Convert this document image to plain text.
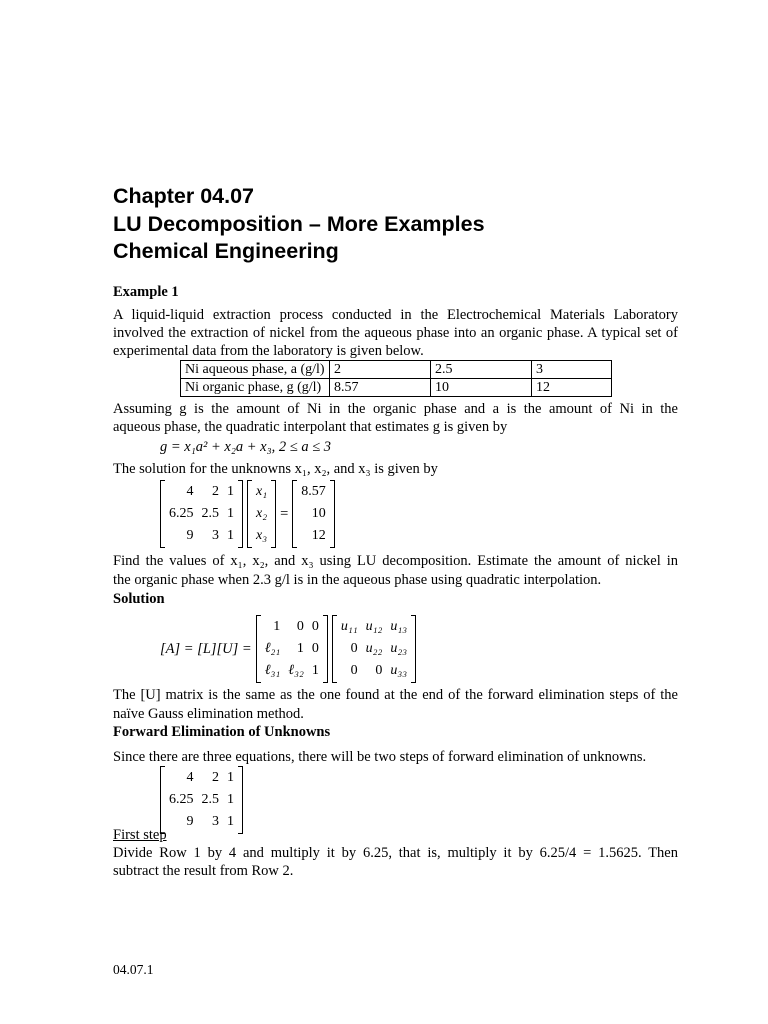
Chapter 04.07
LU Decomposition – More Examples
Chemical Engineering
Example 1
A liquid-liquid extraction process conducted in the Electrochemical Materials Laboratory involved the extraction of nickel from the aqueous phase into an organic phase. A typical set of experimental data from the laboratory is given below.
Ni aqueous phase, a (g/l)	2	2.5	3
Ni organic phase, g (g/l)	8.57	10	12
Assuming g is the amount of Ni in the organic phase and a is the amount of Ni in the
aqueous phase, the quadratic interpolant that estimates g is given by
g = x₁a² + x₂a + x₃, 2 ≤ a ≤ 3
The solution for the unknowns x₁, x₂, and x₃ is given by
4	2	1
6.25	2.5	1
9	3	1
x₁
x₂
x₃
=
8.57
10
12
Find the values of x₁, x₂, and x₃ using LU decomposition. Estimate the amount of nickel in
the organic phase when 2.3 g/l is in the aqueous phase using quadratic interpolation.
Solution
[A] = [L][U] =
1	0	0
ℓ₂₁	1	0
ℓ₃₁	ℓ₃₂	1
u₁₁	u₁₂	u₁₃
0	u₂₂	u₂₃
0	0	u₃₃
The [U] matrix is the same as the one found at the end of the forward elimination steps of the
naïve Gauss elimination method.
Forward Elimination of Unknowns
Since there are three equations, there will be two steps of forward elimination of unknowns.
4	2	1
6.25	2.5	1
9	3	1
First step
Divide Row 1 by 4 and multiply it by 6.25, that is, multiply it by 6.25/4 = 1.5625. Then
subtract the result from Row 2.
04.07.1
